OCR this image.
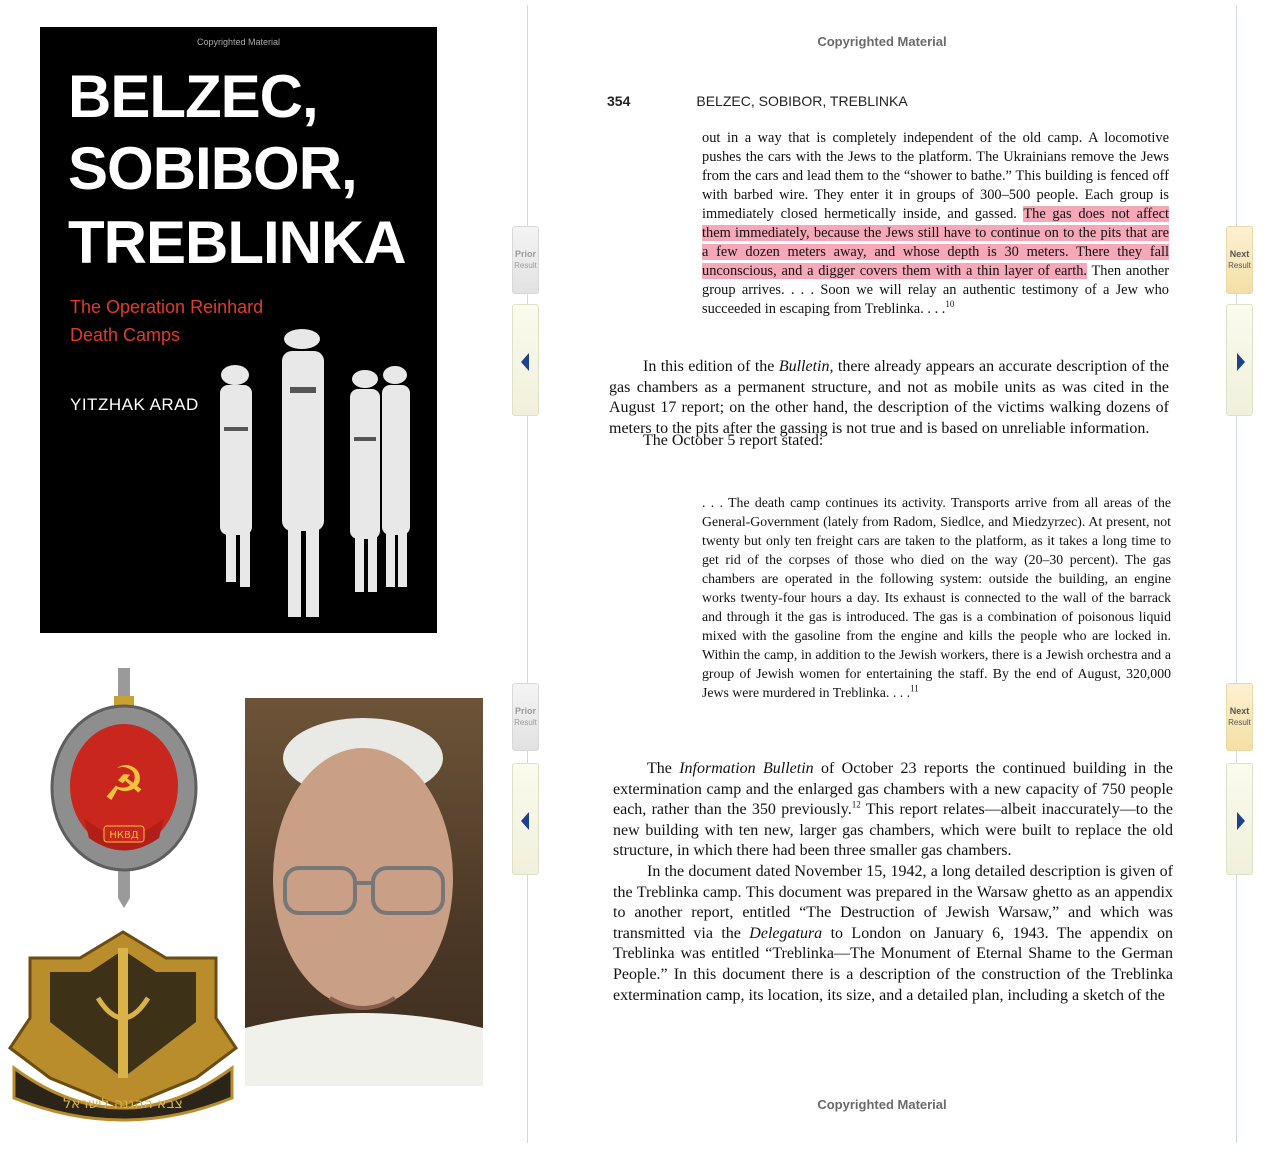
Copyrighted Material
BELZEC,
SOBIBOR,
TREBLINKA
The Operation Reinhard
Death Camps
YITZHAK ARAD
☭
НКВД
צבא ההגנה לישראל
Copyrighted Material
354	BELZEC, SOBIBOR, TREBLINKA

out in a way that is completely independent of the old camp. A locomotive pushes the cars with the Jews to the platform. The Ukrainians remove the Jews from the cars and lead them to the “shower to bathe.” This building is fenced off with barbed wire. They enter it in groups of 300–500 people. Each group is immediately closed hermetically inside, and gassed. The gas does not affect them immediately, because the Jews still have to continue on to the pits that are a few dozen meters away, and whose depth is 30 meters. There they fall unconscious, and a digger covers them with a thin layer of earth. Then another group arrives. . . . Soon we will relay an authentic testimony of a Jew who succeeded in escaping from Treblinka. . . .$^{10}$

In this edition of the Bulletin, there already appears an accurate description of the gas chambers as a permanent structure, and not as mobile units as was cited in the August 17 report; on the other hand, the description of the victims walking dozens of meters to the pits after the gassing is not true and is based on unreliable information.

The October 5 report stated:

. . . The death camp continues its activity. Transports arrive from all areas of the General-Government (lately from Radom, Siedlce, and Miedzyrzec). At present, not twenty but only ten freight cars are taken to the platform, as it takes a long time to get rid of the corpses of those who died on the way (20–30 percent). The gas chambers are operated in the following system: outside the building, an engine works twenty-four hours a day. Its exhaust is connected to the wall of the barrack and through it the gas is introduced. The gas is a combination of poisonous liquid mixed with the gasoline from the engine and kills the people who are locked in. Within the camp, in addition to the Jewish workers, there is a Jewish orchestra and a group of Jewish women for entertaining the staff. By the end of August, 320,000 Jews were murdered in Treblinka. . . .$^{11}$

The Information Bulletin of October 23 reports the continued building in the extermination camp and the enlarged gas chambers with a new capacity of 750 people each, rather than the 350 previously.$^{12}$ This report relates—albeit inaccurately—to the new building with ten new, larger gas chambers, which were built to replace the old structure, in which there had been three smaller gas chambers.

In the document dated November 15, 1942, a long detailed description is given of the Treblinka camp. This document was prepared in the Warsaw ghetto as an appendix to another report, entitled “The Destruction of Jewish Warsaw,” and which was transmitted via the Delegatura to London on January 6, 1943. The appendix on Treblinka was entitled “Treblinka—The Monument of Eternal Shame to the German People.” In this document there is a description of the construction of the Treblinka extermination camp, its location, its size, and a detailed plan, including a sketch of the

Copyrighted Material
Prior
Result
Next
Result
Prior
Result
Next
Result
